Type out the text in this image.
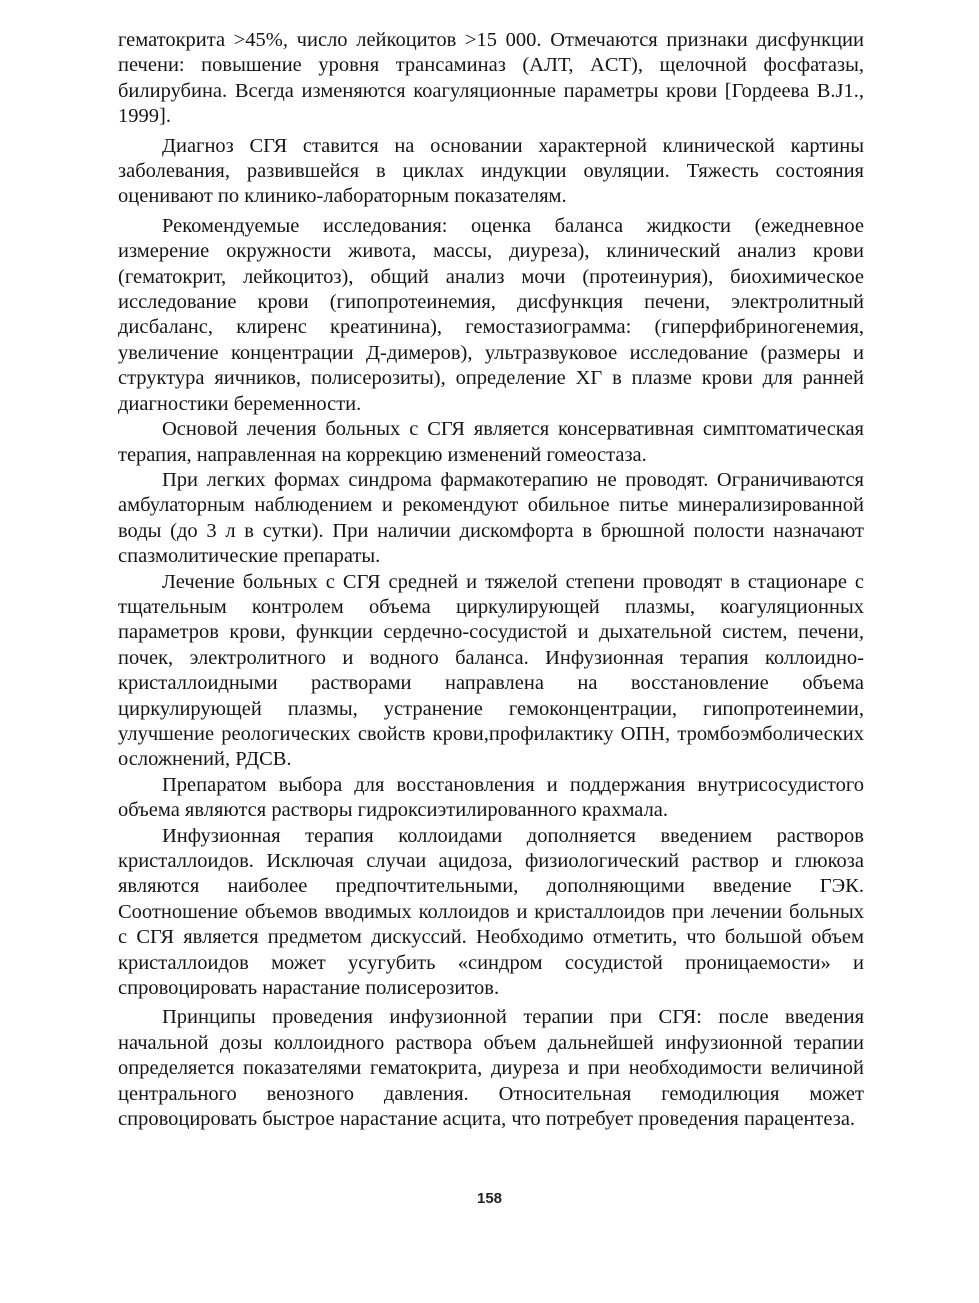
гематокрита >45%, число лейкоцитов >15 000. Отмечаются признаки дисфункции печени: повышение уровня трансаминаз (АЛТ, ACT), щелочной фосфатазы, билирубина. Всегда изменяются коагуляционные параметры крови [Гордеева B.J1., 1999].

Диагноз СГЯ ставится на основании характерной клинической картины заболевания, развившейся в циклах индукции овуляции. Тяжесть состояния оценивают по клинико-лабораторным показателям.

Рекомендуемые исследования: оценка баланса жидкости (ежедневное измерение окружности живота, массы, диуреза), клинический анализ крови (гематокрит, лейкоцитоз), общий анализ мочи (протеинурия), биохимическое исследование крови (гипопротеинемия, дисфункция печени, электролитный дисбаланс, клиренс креатинина), гемостазиограмма: (гиперфибриногенемия, увеличение концентрации Д-димеров), ультразвуковое исследование (размеры и структура яичников, полисерозиты), определение ХГ в плазме крови для ранней диагностики беременности.

Основой лечения больных с СГЯ является консервативная симптоматическая терапия, направленная на коррекцию изменений гомеостаза.

При легких формах синдрома фармакотерапию не проводят. Ограничиваются амбулаторным наблюдением и рекомендуют обильное питье минерализированной воды (до 3 л в сутки). При наличии дискомфорта в брюшной полости назначают спазмолитические препараты.

Лечение больных с СГЯ средней и тяжелой степени проводят в стационаре с тщательным контролем объема циркулирующей плазмы, коагуляционных параметров крови, функции сердечно-сосудистой и дыхательной систем, печени, почек, электролитного и водного баланса. Инфузионная терапия коллоидно-кристаллоидными растворами направлена на восстановление объема циркулирующей плазмы, устранение гемоконцентрации, гипопротеинемии, улучшение реологических свойств крови,профилактику ОПН, тромбоэмболических осложнений, РДСВ.

Препаратом выбора для восстановления и поддержания внутрисосудистого объема являются растворы гидроксиэтилированного крахмала.

Инфузионная терапия коллоидами дополняется введением растворов кристаллоидов. Исключая случаи ацидоза, физиологический раствор и глюкоза являются наиболее предпочтительными, дополняющими введение ГЭК. Соотношение объемов вводимых коллоидов и кристаллоидов при лечении больных с СГЯ является предметом дискуссий. Необходимо отметить, что большой объем кристаллоидов может усугубить «синдром сосудистой проницаемости» и спровоцировать нарастание полисерозитов.

Принципы проведения инфузионной терапии при СГЯ: после введения начальной дозы коллоидного раствора объем дальнейшей инфузионной терапии определяется показателями гематокрита, диуреза и при необходимости величиной центрального венозного давления. Относительная гемодилюция может спровоцировать быстрое нарастание асцита, что потребует проведения парацентеза.

158
